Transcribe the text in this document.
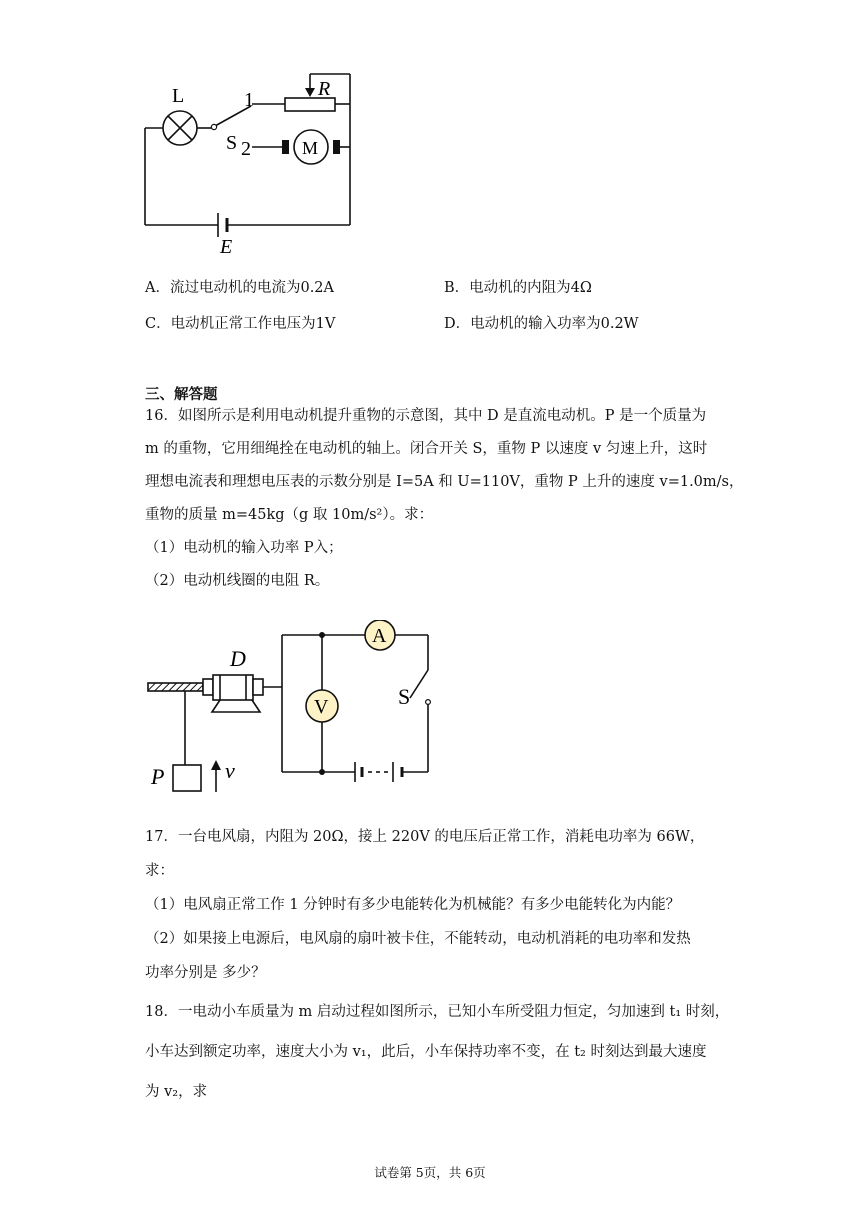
L
S
1
2
R
M
E
A．流过电动机的电流为0.2A	B．电动机的内阻为4Ω
C．电动机正常工作电压为1V	D．电动机的输入功率为0.2W
三、解答题
16．如图所示是利用电动机提升重物的示意图，其中 D 是直流电动机。P 是一个质量为
m 的重物，它用细绳拴在电动机的轴上。闭合开关 S，重物 P 以速度 v 匀速上升，这时
理想电流表和理想电压表的示数分别是 I=5A 和 U=110V，重物 P 上升的速度 v=1.0m/s，
重物的质量 m=45kg（g 取 10m/s²）。求：
（1）电动机的输入功率 P入；
（2）电动机线圈的电阻 R。
D
A
V	S
P	v
17．一台电风扇，内阻为 20Ω，接上 220V 的电压后正常工作，消耗电功率为 66W，
求：
（1）电风扇正常工作 1 分钟时有多少电能转化为机械能？有多少电能转化为内能？
（2）如果接上电源后，电风扇的扇叶被卡住，不能转动，电动机消耗的电功率和发热
功率分别是 多少？
18．一电动小车质量为 m 启动过程如图所示，已知小车所受阻力恒定，匀加速到 t₁ 时刻，
小车达到额定功率，速度大小为 v₁，此后，小车保持功率不变，在 t₂ 时刻达到最大速度
为 v₂，求
试卷第 5页，共 6页
